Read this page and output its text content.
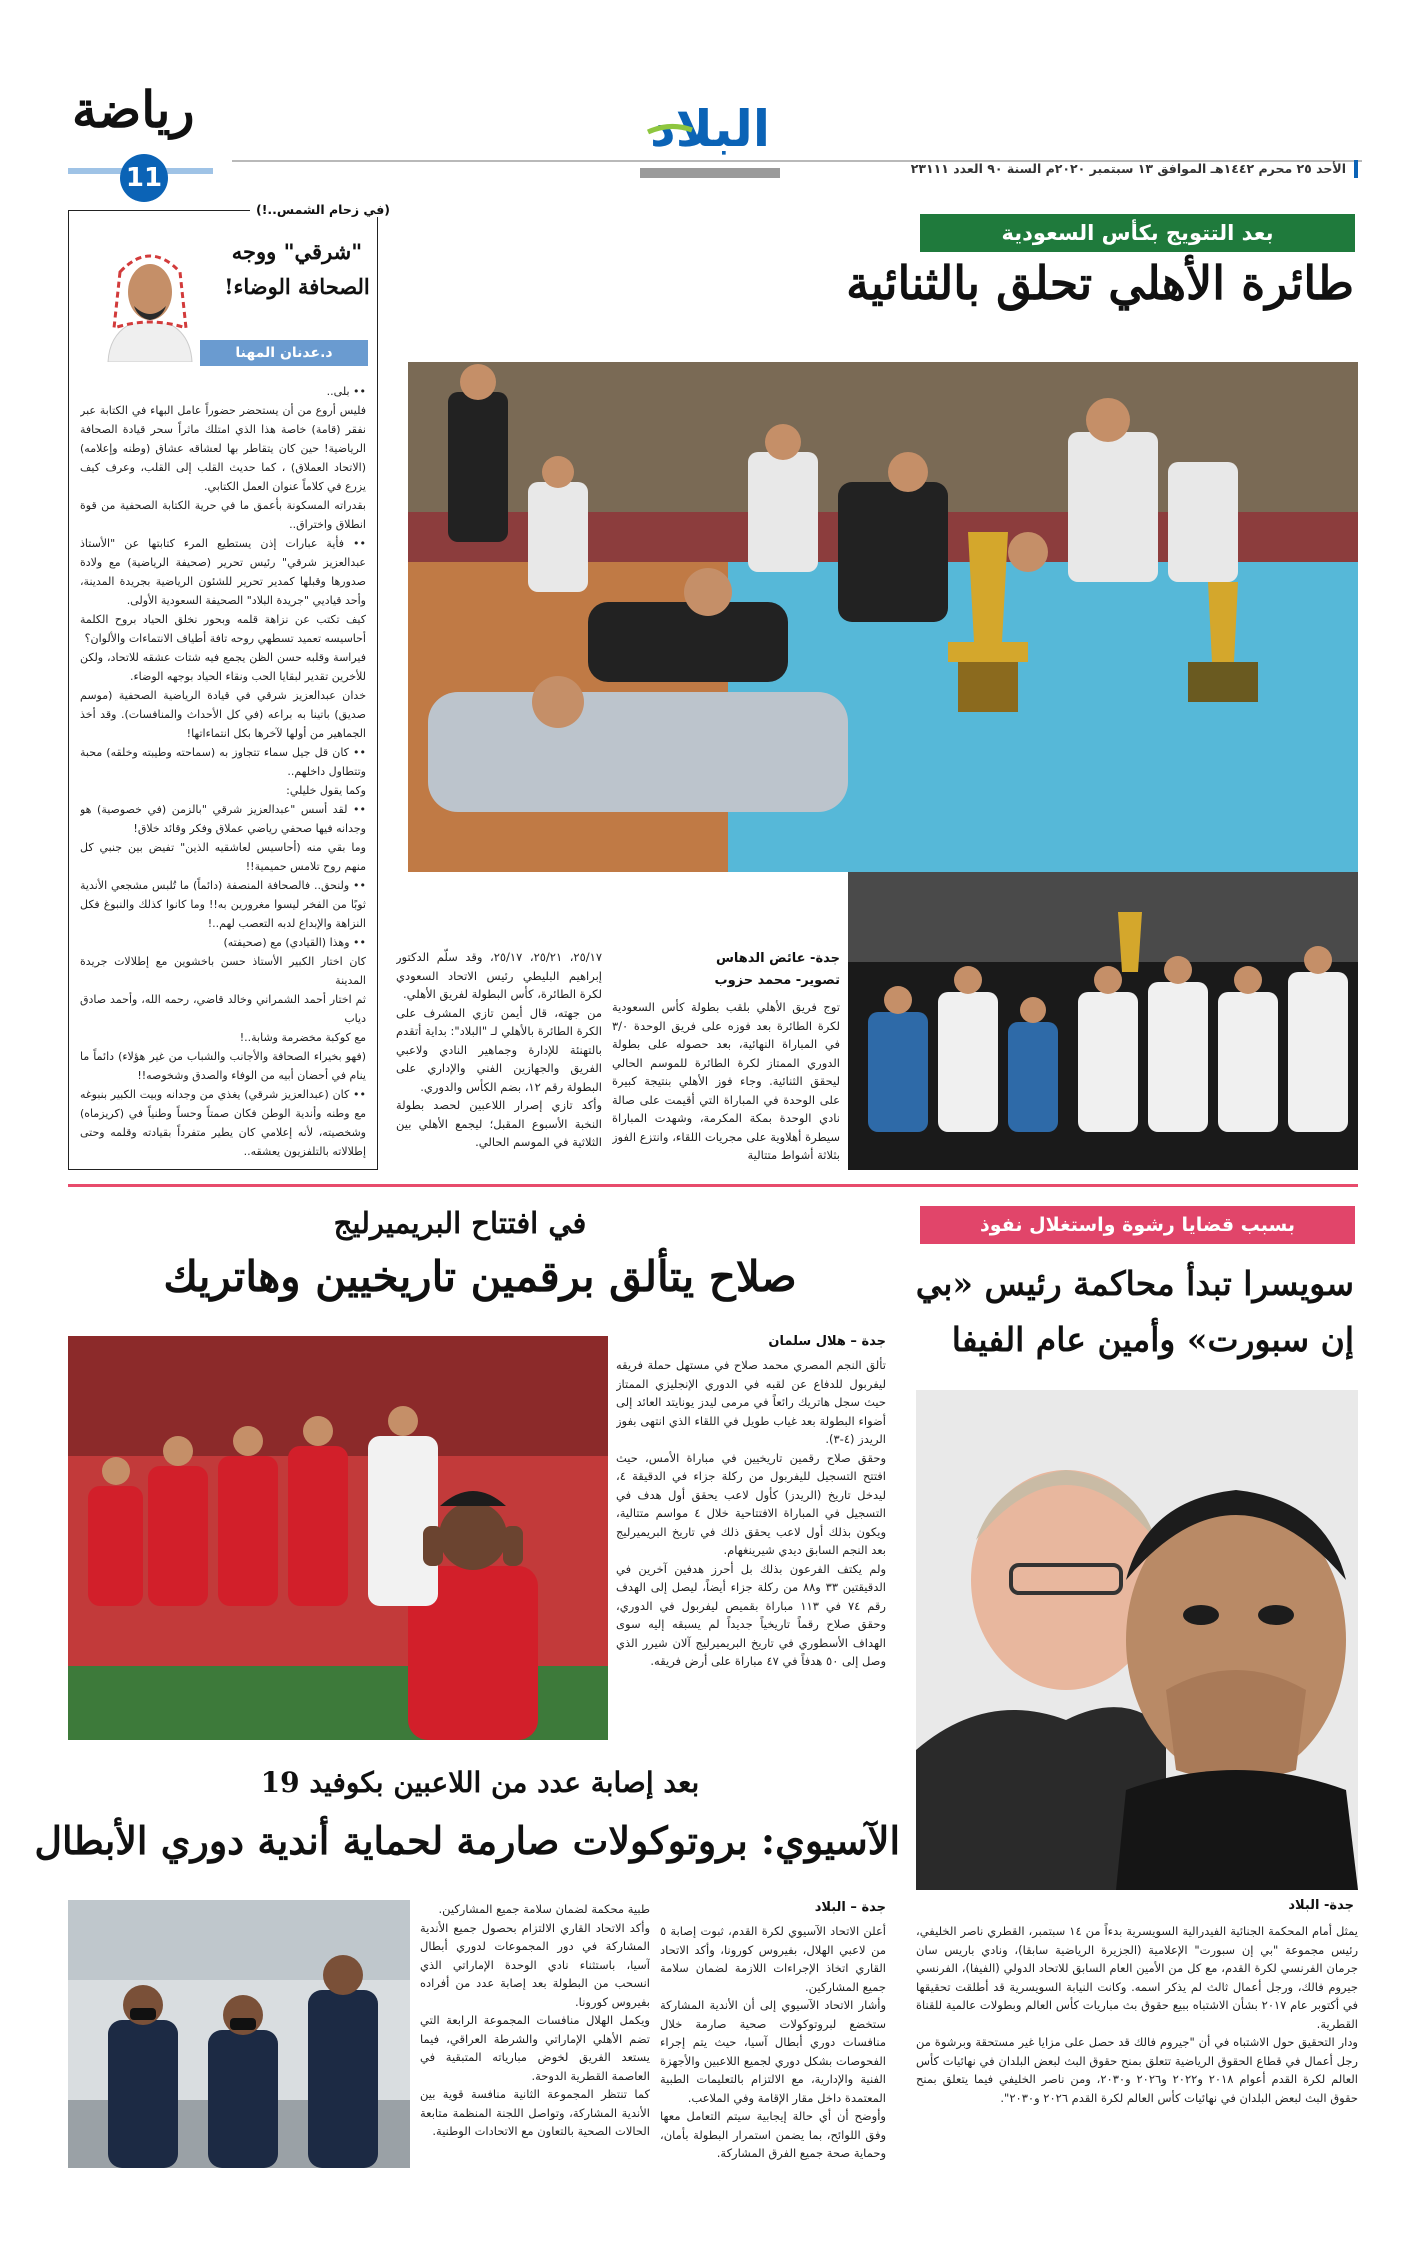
البلاد
الأحد ٢٥ محرم ١٤٤٢هـ الموافق ١٣ سبتمبر ٢٠٢٠م السنة ٩٠ العدد ٢٣١١١
رياضة
11
(في زحام الشمس..!)
"شرقي" ووجه الصحافة الوضاء!
د.عدنان المهنا
•• بلى..
فليس أروع من أن يستحضر حضوراً عامل البهاء في الكتابة عبر نفقر (قامة) خاصة هذا الذي امتلك ماثراً سحر قيادة الصحافة الرياضية! حين كان يتقاطر بها لعشاقه عشاق (وطنه وإعلامه) (الاتحاد العملاق) ، كما حديث القلب إلى القلب، وعرف كيف يزرع في كلاماً عنوان العمل الكتابي.
بقدراته المسكونة بأعمق ما في حرية الكتابة الصحفية من قوة انطلاق واختراق..
•• فأية عبارات إذن يستطيع المرء كتابتها عن "الأستاذ عبدالعزيز شرقي" رئيس تحرير (صحيفة الرياضية) مع ولادة صدورها وقبلها كمدير تحرير للشئون الرياضية بجريدة المدينة، وأحد قياديي "جريدة البلاد" الصحيفة السعودية الأولى.
كيف تكتب عن نزاهة قلمه وبحور نخلق الحياد بروح الكلمة أحاسيسه تعميد تسطهي روحه تافة أطياف الانتماءات والألوان؟
فيراسة وقلبه حسن الظن يجمع فيه شتات عشقه للاتحاد، ولكن للأخرين تقدير لبقايا الحب ونقاء الحياد بوجهه الوضاء.
خدان عبدالعزيز شرقي في قيادة الرياضية الصحفية (موسم صديق) باتينا به براعه (في كل الأحداث والمنافسات). وقد أخذ الجماهير من أولها لآخرها بكل انتماءاتها!
•• كان قل جيل سماء تتجاوز به (سماحته وطيبته وخلقه) محبة وتتطاول داخلهم..
وكما يقول خليلي:
•• لقد أسس "عبدالعزيز شرقي "بالزمن (في خصوصية) هو وجدانه فيها صحفي رياضي عملاق وفكر وقائد خلاق!
وما بقي منه (أحاسيس لعاشقيه الذين" تفيض بين جنبي كل منهم روح تلامس حميمية!!
•• ولنحق.. فالصحافة المنصفة (دائماً) ما تُلبس مشجعي الأندية ثوبًا من الفخر ليسوا مغرورين به!! وما كانوا كذلك والنبوغ فكل النزاهة والإبداع لدبه التعصب لهم..!
•• وهذا (القيادي) مع (صحيفته)
كان اختار الكبير الأستاذ حسن باخشوين مع إطلالات جريدة المدينة
ثم اختار أحمد الشمراني وخالد قاضي، رحمه الله، وأحمد صادق دياب
مع كوكبة مخضرمة وشابة..!
(فهو بخيراء الصحافة والأجانب والشباب من غير هؤلاء) دائماً ما ينام في أحضان أبيه من الوفاء والصدق وشخوصه!!
•• كان (عبدالعزيز شرقي) يغذي من وجدانه وبيت الكبير بنبوغه مع وطنه وأندية الوطن فكان صمتاً وحساً وطنياً في (كريزماه) وشخصيته، لأنه إعلامي كان يطير متفرداً بقيادته وقلمه وحتى إطلالاته بالتلفزيون يعشقه..
بعد التتويج بكأس السعودية
طائرة الأهلي تحلق بالثنائية
جدة- عائض الدهاس
تصوير- محمد حزوب
توج فريق الأهلي بلقب بطولة كأس السعودية لكرة الطائرة بعد فوزه على فريق الوحدة ٣/٠ في المباراة النهائية، بعد حصوله على بطولة الدوري الممتاز لكرة الطائرة للموسم الحالي ليحقق الثنائية. وجاء فوز الأهلي بنتيجة كبيرة على الوحدة في المباراة التي أقيمت على صالة نادي الوحدة بمكة المكرمة، وشهدت المباراة سيطرة أهلاوية على مجريات اللقاء، وانتزع الفوز بثلاثة أشواط متتالية
٢٥/١٧، ٢٥/٢١، ٢٥/١٧، وقد سلّم الدكتور إبراهيم البليطي رئيس الاتحاد السعودي لكرة الطائرة، كأس البطولة لفريق الأهلي.
من جهته، قال أيمن تازي المشرف على الكرة الطائرة بالأهلي لـ "البلاد": بداية أتقدم بالتهنئة للإدارة وجماهير النادي ولاعبي الفريق والجهازين الفني والإداري على البطولة رقم ١٢، بضم الكأس والدوري.
وأكد تازي إصرار اللاعبين لحصد بطولة النخبة الأسبوع المقبل؛ ليجمع الأهلي بين الثلاثية في الموسم الحالي.
بسبب قضايا رشوة واستغلال نفوذ
سويسرا تبدأ محاكمة رئيس «بي إن سبورت» وأمين عام الفيفا
جدة- البلاد
يمثل أمام المحكمة الجنائية الفيدرالية السويسرية بدءاً من ١٤ سبتمبر، القطري ناصر الخليفي، رئيس مجموعة "بي إن سبورت" الإعلامية (الجزيرة الرياضية سابقا)، ونادي باريس سان جرمان الفرنسي لكرة القدم، مع كل من الأمين العام السابق للاتحاد الدولي (الفيفا)، الفرنسي جيروم فالك، ورجل أعمال ثالث لم يذكر اسمه. وكانت النيابة السويسرية قد أطلقت تحقيقها في أكتوبر عام ٢٠١٧ بشأن الاشتباه ببيع حقوق بث مباريات كأس العالم وبطولات عالمية للقناة القطرية.
ودار التحقيق حول الاشتباه في أن "جيروم فالك قد حصل على مزايا غير مستحقة وبرشوة من رجل أعمال في قطاع الحقوق الرياضية تتعلق بمنح حقوق البث لبعض البلدان في نهائيات كأس العالم لكرة القدم أعوام ٢٠١٨ و٢٠٢٢ و٢٠٢٦ و٢٠٣٠، ومن ناصر الخليفي فيما يتعلق بمنح حقوق البث لبعض البلدان في نهائيات كأس العالم لكرة القدم ٢٠٢٦ و٢٠٣٠".
في افتتاح البريميرليج
صلاح يتألق برقمين تاريخيين وهاتريك
جدة – هلال سلمان
تألق النجم المصري محمد صلاح في مستهل حملة فريقه ليفربول للدفاع عن لقبه في الدوري الإنجليزي الممتاز حيث سجل هاتريك رائعاً في مرمى ليدز يونايتد العائد إلى أضواء البطولة بعد غياب طويل في اللقاء الذي انتهى بفوز الريدز (٤-٣).
وحقق صلاح رقمين تاريخيين في مباراة الأمس، حيث افتتح التسجيل لليفربول من ركلة جزاء في الدقيقة ٤، ليدخل تاريخ (الريدز) كأول لاعب يحقق أول هدف في التسجيل في المباراة الافتتاحية خلال ٤ مواسم متتالية، ويكون بذلك أول لاعب يحقق ذلك في تاريخ البريميرليج بعد النجم السابق ديدي شيرينغهام.
ولم يكتف الفرعون بذلك بل أحرز هدفين آخرين في الدقيقتين ٣٣ و٨٨ من ركلة جزاء أيضاً، ليصل إلى الهدف رقم ٧٤ في ١١٣ مباراة بقميص ليفربول في الدوري، وحقق صلاح رقماً تاريخياً جديداً لم يسبقه إليه سوى الهداف الأسطوري في تاريخ البريميرليج آلان شيرر الذي وصل إلى ٥٠ هدفاً في ٤٧ مباراة على أرض فريقه.
بعد إصابة عدد من اللاعبين بكوفيد 19
الآسيوي: بروتوكولات صارمة لحماية أندية دوري الأبطال
جدة – البلاد
أعلن الاتحاد الآسيوي لكرة القدم، ثبوت إصابة ٥ من لاعبي الهلال، بفيروس كورونا، وأكد الاتحاد القاري اتخاذ الإجراءات اللازمة لضمان سلامة جميع المشاركين.
وأشار الاتحاد الآسيوي إلى أن الأندية المشاركة ستخضع لبروتوكولات صحية صارمة خلال منافسات دوري أبطال آسيا، حيث يتم إجراء الفحوصات بشكل دوري لجميع اللاعبين والأجهزة الفنية والإدارية، مع الالتزام بالتعليمات الطبية المعتمدة داخل مقار الإقامة وفي الملاعب.
وأوضح أن أي حالة إيجابية سيتم التعامل معها وفق اللوائح، بما يضمن استمرار البطولة بأمان، وحماية صحة جميع الفرق المشاركة.
طبية محكمة لضمان سلامة جميع المشاركين.
وأكد الاتحاد القاري الالتزام بحصول جميع الأندية المشاركة في دور المجموعات لدوري أبطال آسيا، باستثناء نادي الوحدة الإماراتي الذي انسحب من البطولة بعد إصابة عدد من أفراده بفيروس كورونا.
ويكمل الهلال منافسات المجموعة الرابعة التي تضم الأهلي الإماراتي والشرطة العراقي، فيما يستعد الفريق لخوض مبارياته المتبقية في العاصمة القطرية الدوحة.
كما تنتظر المجموعة الثانية منافسة قوية بين الأندية المشاركة، وتواصل اللجنة المنظمة متابعة الحالات الصحية بالتعاون مع الاتحادات الوطنية.
